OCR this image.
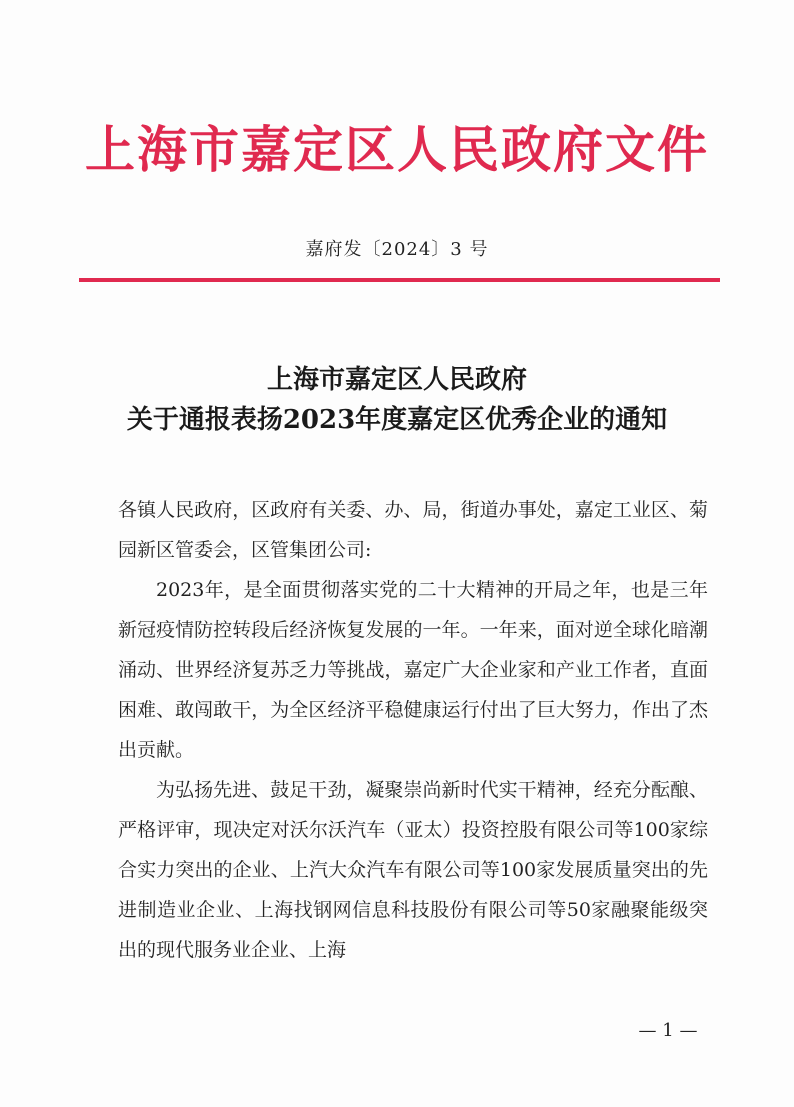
上海市嘉定区人民政府文件
嘉府发〔2024〕3 号
上海市嘉定区人民政府
关于通报表扬2023年度嘉定区优秀企业的通知

各镇人民政府，区政府有关委、办、局，街道办事处，嘉定工业区、菊园新区管委会，区管集团公司:

2023年，是全面贯彻落实党的二十大精神的开局之年，也是三年新冠疫情防控转段后经济恢复发展的一年。一年来，面对逆全球化暗潮涌动、世界经济复苏乏力等挑战，嘉定广大企业家和产业工作者，直面困难、敢闯敢干，为全区经济平稳健康运行付出了巨大努力，作出了杰出贡献。

为弘扬先进、鼓足干劲，凝聚崇尚新时代实干精神，经充分酝酿、严格评审，现决定对沃尔沃汽车（亚太）投资控股有限公司等100家综合实力突出的企业、上汽大众汽车有限公司等100家发展质量突出的先进制造业企业、上海找钢网信息科技股份有限公司等50家融聚能级突出的现代服务业企业、上海

— 1 —
